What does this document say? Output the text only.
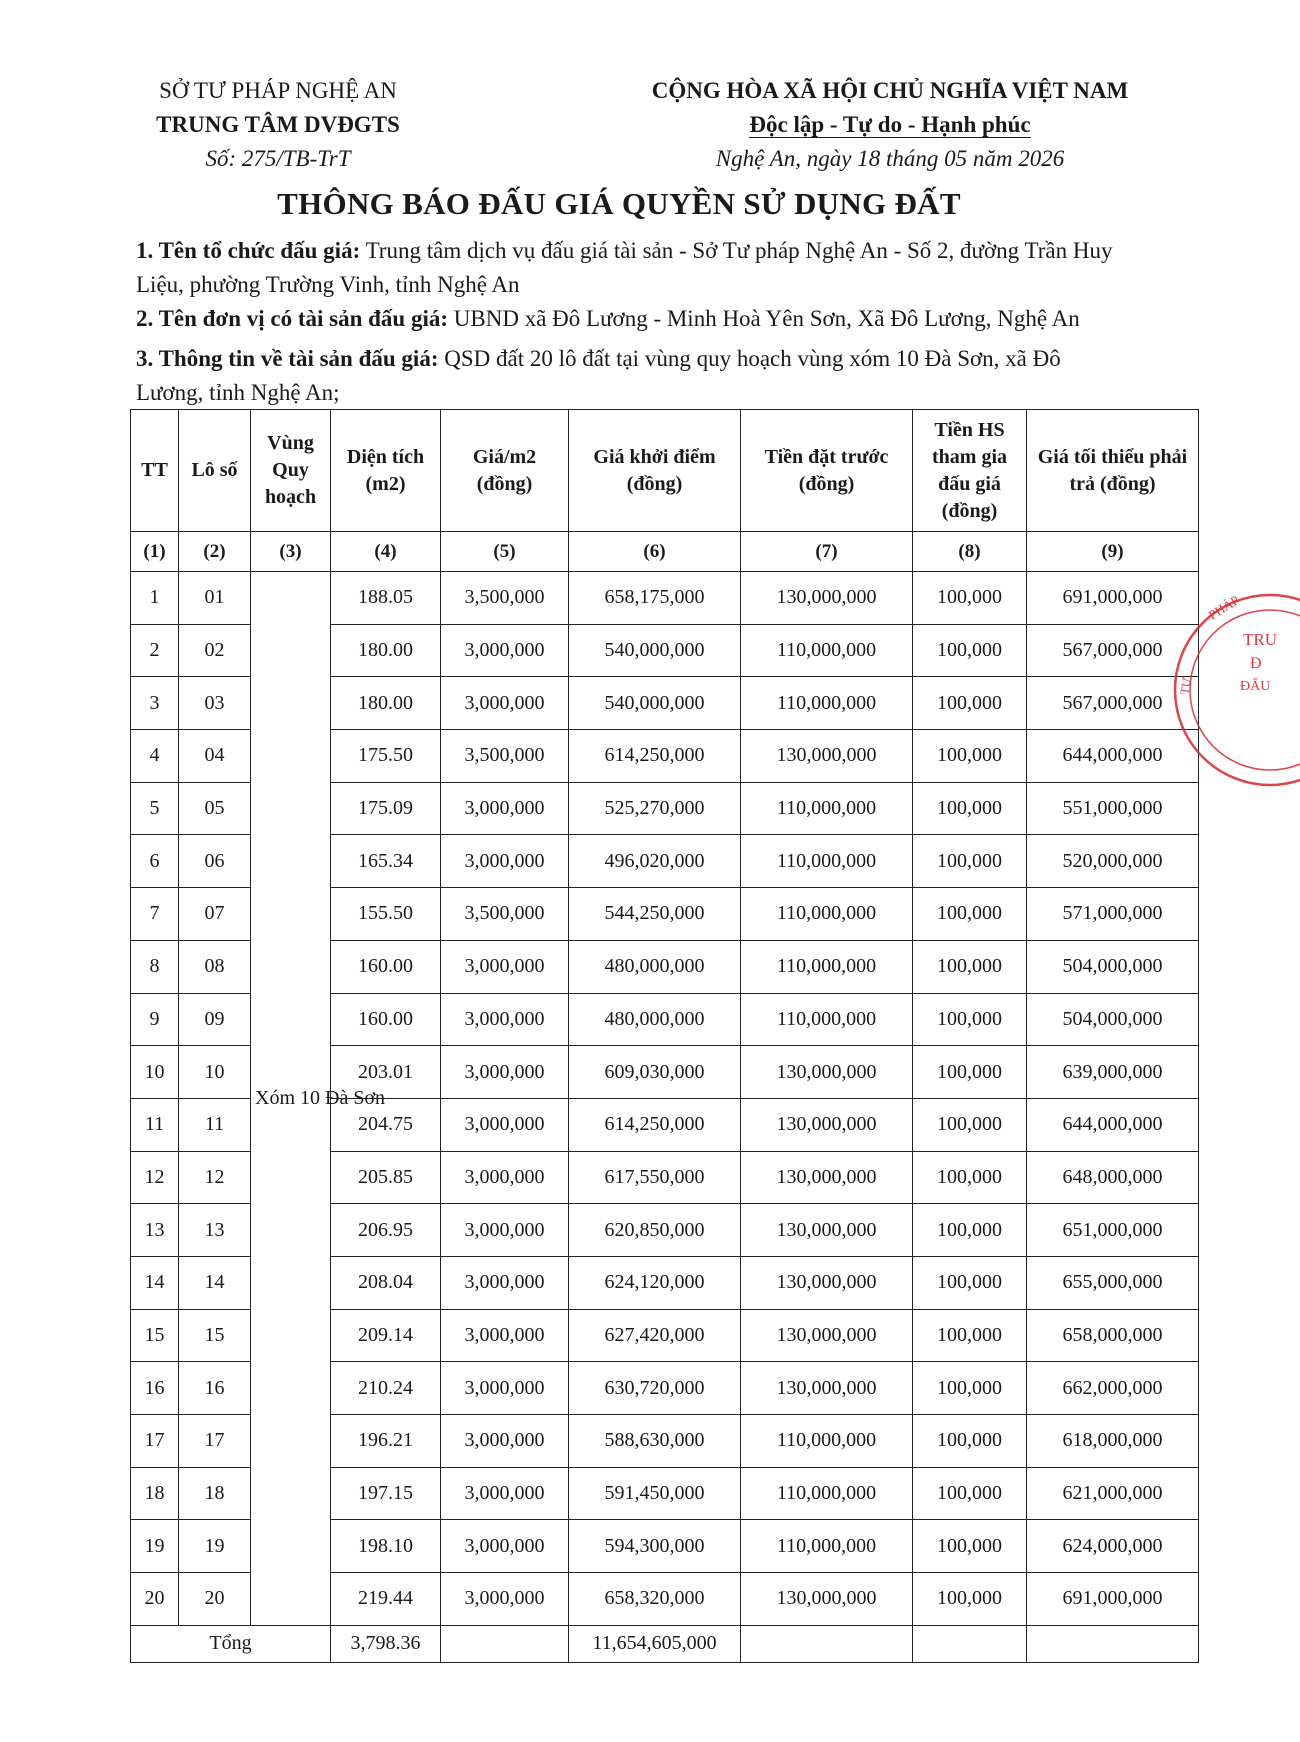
SỞ TƯ PHÁP NGHỆ AN
TRUNG TÂM DVĐGTS
Số: 275/TB-TrT
CỘNG HÒA XÃ HỘI CHỦ NGHĨA VIỆT NAM
Độc lập - Tự do - Hạnh phúc
Nghệ An, ngày 18 tháng 05 năm 2026
THÔNG BÁO ĐẤU GIÁ QUYỀN SỬ DỤNG ĐẤT
1. Tên tổ chức đấu giá: Trung tâm dịch vụ đấu giá tài sản - Sở Tư pháp Nghệ An - Số 2, đường Trần Huy
Liệu, phường Trường Vinh, tỉnh Nghệ An
2. Tên đơn vị có tài sản đấu giá: UBND xã Đô Lương - Minh Hoà Yên Sơn, Xã Đô Lương, Nghệ An
3. Thông tin về tài sản đấu giá: QSD đất 20 lô đất tại vùng quy hoạch vùng xóm 10 Đà Sơn, xã Đô
Lương, tỉnh Nghệ An;
TT	Lô số	Vùng Quy hoạch	Diện tích (m2)	Giá/m2 (đồng)	Giá khởi điểm (đồng)	Tiền đặt trước (đồng)	Tiền HS tham gia đấu giá (đồng)	Giá tối thiểu phải trả (đồng)
(1)	(2)	(3)	(4)	(5)	(6)	(7)	(8)	(9)
1	01	Xóm 10 Đà Sơn	188.05	3,500,000	658,175,000	130,000,000	100,000	691,000,000
2	02		180.00	3,000,000	540,000,000	110,000,000	100,000	567,000,000
3	03		180.00	3,000,000	540,000,000	110,000,000	100,000	567,000,000
4	04		175.50	3,500,000	614,250,000	130,000,000	100,000	644,000,000
5	05		175.09	3,000,000	525,270,000	110,000,000	100,000	551,000,000
6	06		165.34	3,000,000	496,020,000	110,000,000	100,000	520,000,000
7	07		155.50	3,500,000	544,250,000	110,000,000	100,000	571,000,000
8	08		160.00	3,000,000	480,000,000	110,000,000	100,000	504,000,000
9	09		160.00	3,000,000	480,000,000	110,000,000	100,000	504,000,000
10	10		203.01	3,000,000	609,030,000	130,000,000	100,000	639,000,000
11	11		204.75	3,000,000	614,250,000	130,000,000	100,000	644,000,000
12	12		205.85	3,000,000	617,550,000	130,000,000	100,000	648,000,000
13	13		206.95	3,000,000	620,850,000	130,000,000	100,000	651,000,000
14	14		208.04	3,000,000	624,120,000	130,000,000	100,000	655,000,000
15	15		209.14	3,000,000	627,420,000	130,000,000	100,000	658,000,000
16	16		210.24	3,000,000	630,720,000	130,000,000	100,000	662,000,000
17	17		196.21	3,000,000	588,630,000	110,000,000	100,000	618,000,000
18	18		197.15	3,000,000	591,450,000	110,000,000	100,000	621,000,000
19	19		198.10	3,000,000	594,300,000	110,000,000	100,000	624,000,000
20	20		219.44	3,000,000	658,320,000	130,000,000	100,000	691,000,000
Tổng			3,798.36		11,654,605,000			
PHÁP
TRU
Đ
ĐẤU
TƯ
